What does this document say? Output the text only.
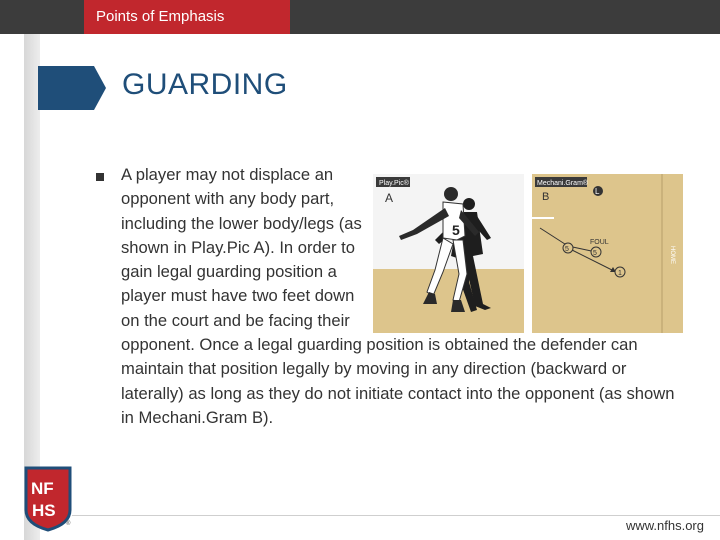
Points of Emphasis
GUARDING
A player may not displace an opponent with any body part, including the lower body/legs (as shown in Play.Pic A). In order to gain legal guarding position a player must have two feet down on the court and be facing their opponent. Once a legal guarding position is obtained the defender can maintain that position legally by moving in any direction (backward or laterally) as long as they do not initiate contact into the opponent (as shown in Mechani.Gram B).
Play.Pic®
A
5
Mechani.Gram®
B	L
FOUL
5
5
1
HOME
www.nfhs.org
NF
HS
®
